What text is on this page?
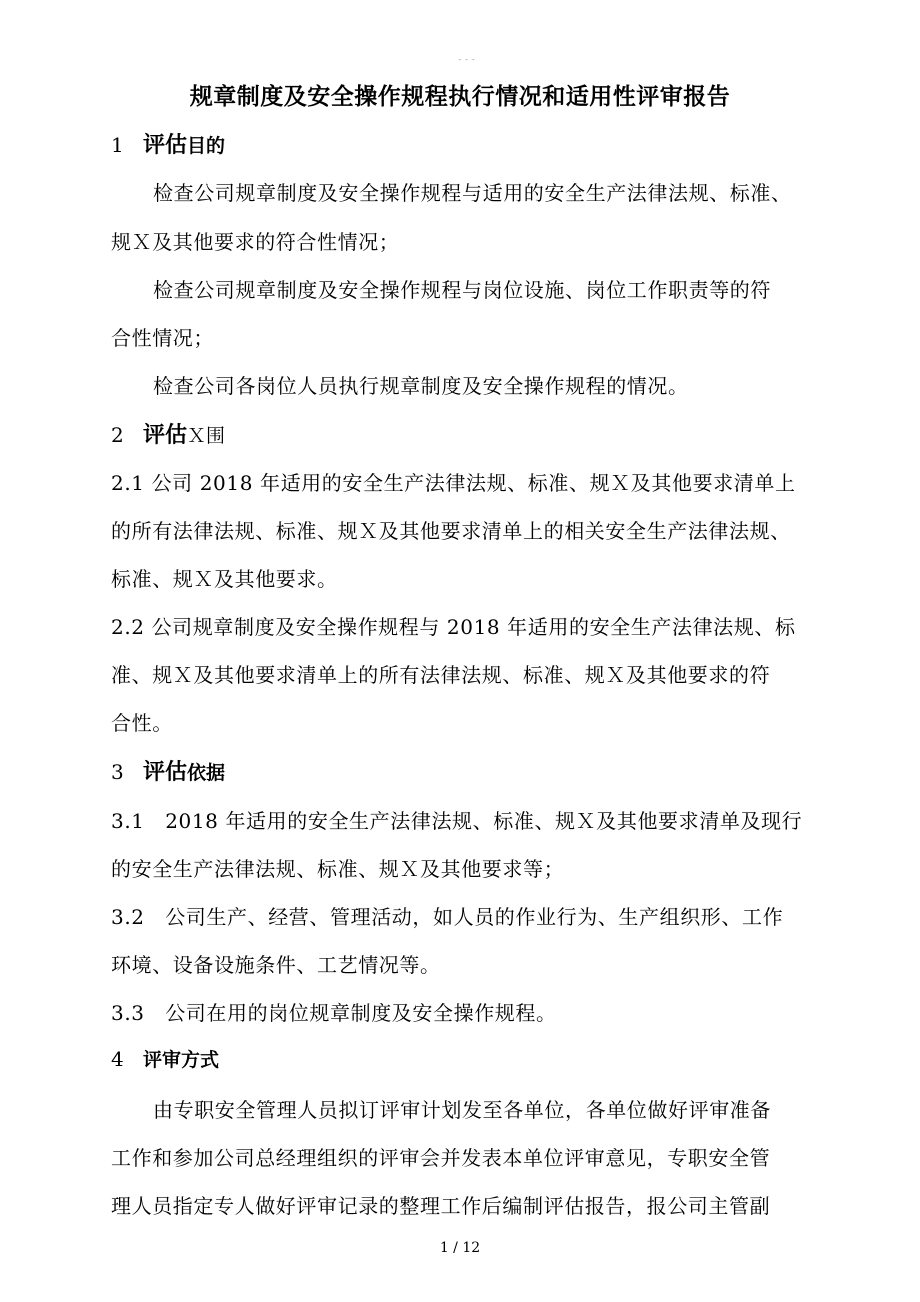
- - -
规章制度及安全操作规程执行情况和适用性评审报告
1 评估目的
检查公司规章制度及安全操作规程与适用的安全生产法律法规、标准、
规Ｘ及其他要求的符合性情况；
检查公司规章制度及安全操作规程与岗位设施、岗位工作职责等的符
合性情况；
检查公司各岗位人员执行规章制度及安全操作规程的情况。
2 评估Ｘ围
2.1 公司 2018 年适用的安全生产法律法规、标准、规Ｘ及其他要求清单上
的所有法律法规、标准、规Ｘ及其他要求清单上的相关安全生产法律法规、
标准、规Ｘ及其他要求。
2.2 公司规章制度及安全操作规程与 2018 年适用的安全生产法律法规、标
准、规Ｘ及其他要求清单上的所有法律法规、标准、规Ｘ及其他要求的符
合性。
3 评估依据
3.1　2018 年适用的安全生产法律法规、标准、规Ｘ及其他要求清单及现行
的安全生产法律法规、标准、规Ｘ及其他要求等；
3.2　公司生产、经营、管理活动，如人员的作业行为、生产组织形、工作
环境、设备设施条件、工艺情况等。
3.3　公司在用的岗位规章制度及安全操作规程。
4 评审方式
由专职安全管理人员拟订评审计划发至各单位，各单位做好评审准备
工作和参加公司总经理组织的评审会并发表本单位评审意见，专职安全管
理人员指定专人做好评审记录的整理工作后编制评估报告，报公司主管副
1 / 12
